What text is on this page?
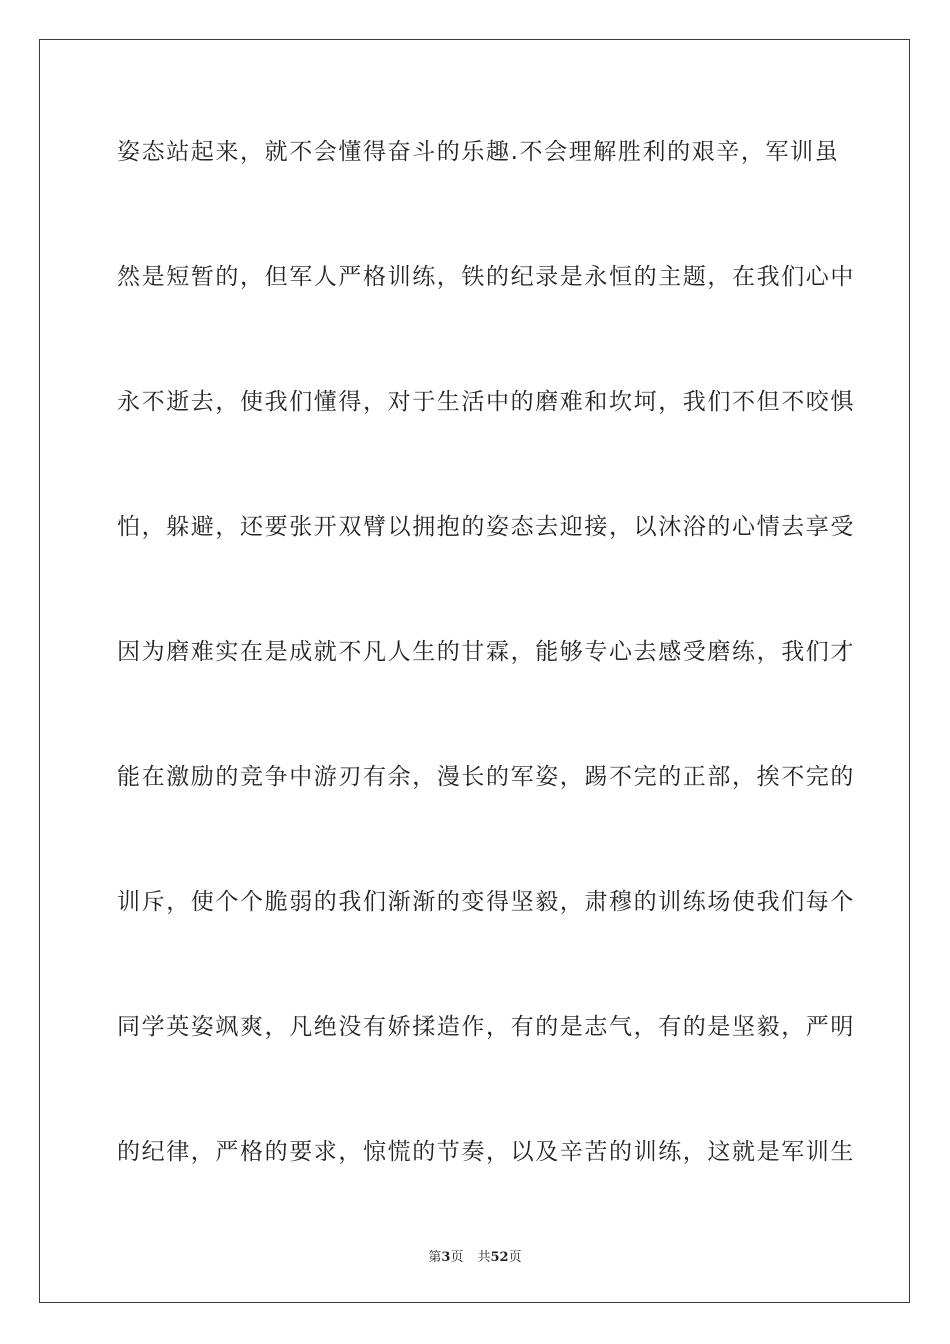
姿态站起来，就不会懂得奋斗的乐趣.不会理解胜利的艰辛，军训虽
然是短暂的，但军人严格训练，铁的纪录是永恒的主题，在我们心中
永不逝去，使我们懂得，对于生活中的磨难和坎坷，我们不但不咬惧
怕，躲避，还要张开双臂以拥抱的姿态去迎接，以沐浴的心情去享受
因为磨难实在是成就不凡人生的甘霖，能够专心去感受磨练，我们才
能在激励的竞争中游刃有余，漫长的军姿，踢不完的正部，挨不完的
训斥，使个个脆弱的我们渐渐的变得坚毅，肃穆的训练场使我们每个
同学英姿飒爽，凡绝没有娇揉造作，有的是志气，有的是坚毅，严明
的纪律，严格的要求，惊慌的节奏，以及辛苦的训练，这就是军训生
第3页 共52页
